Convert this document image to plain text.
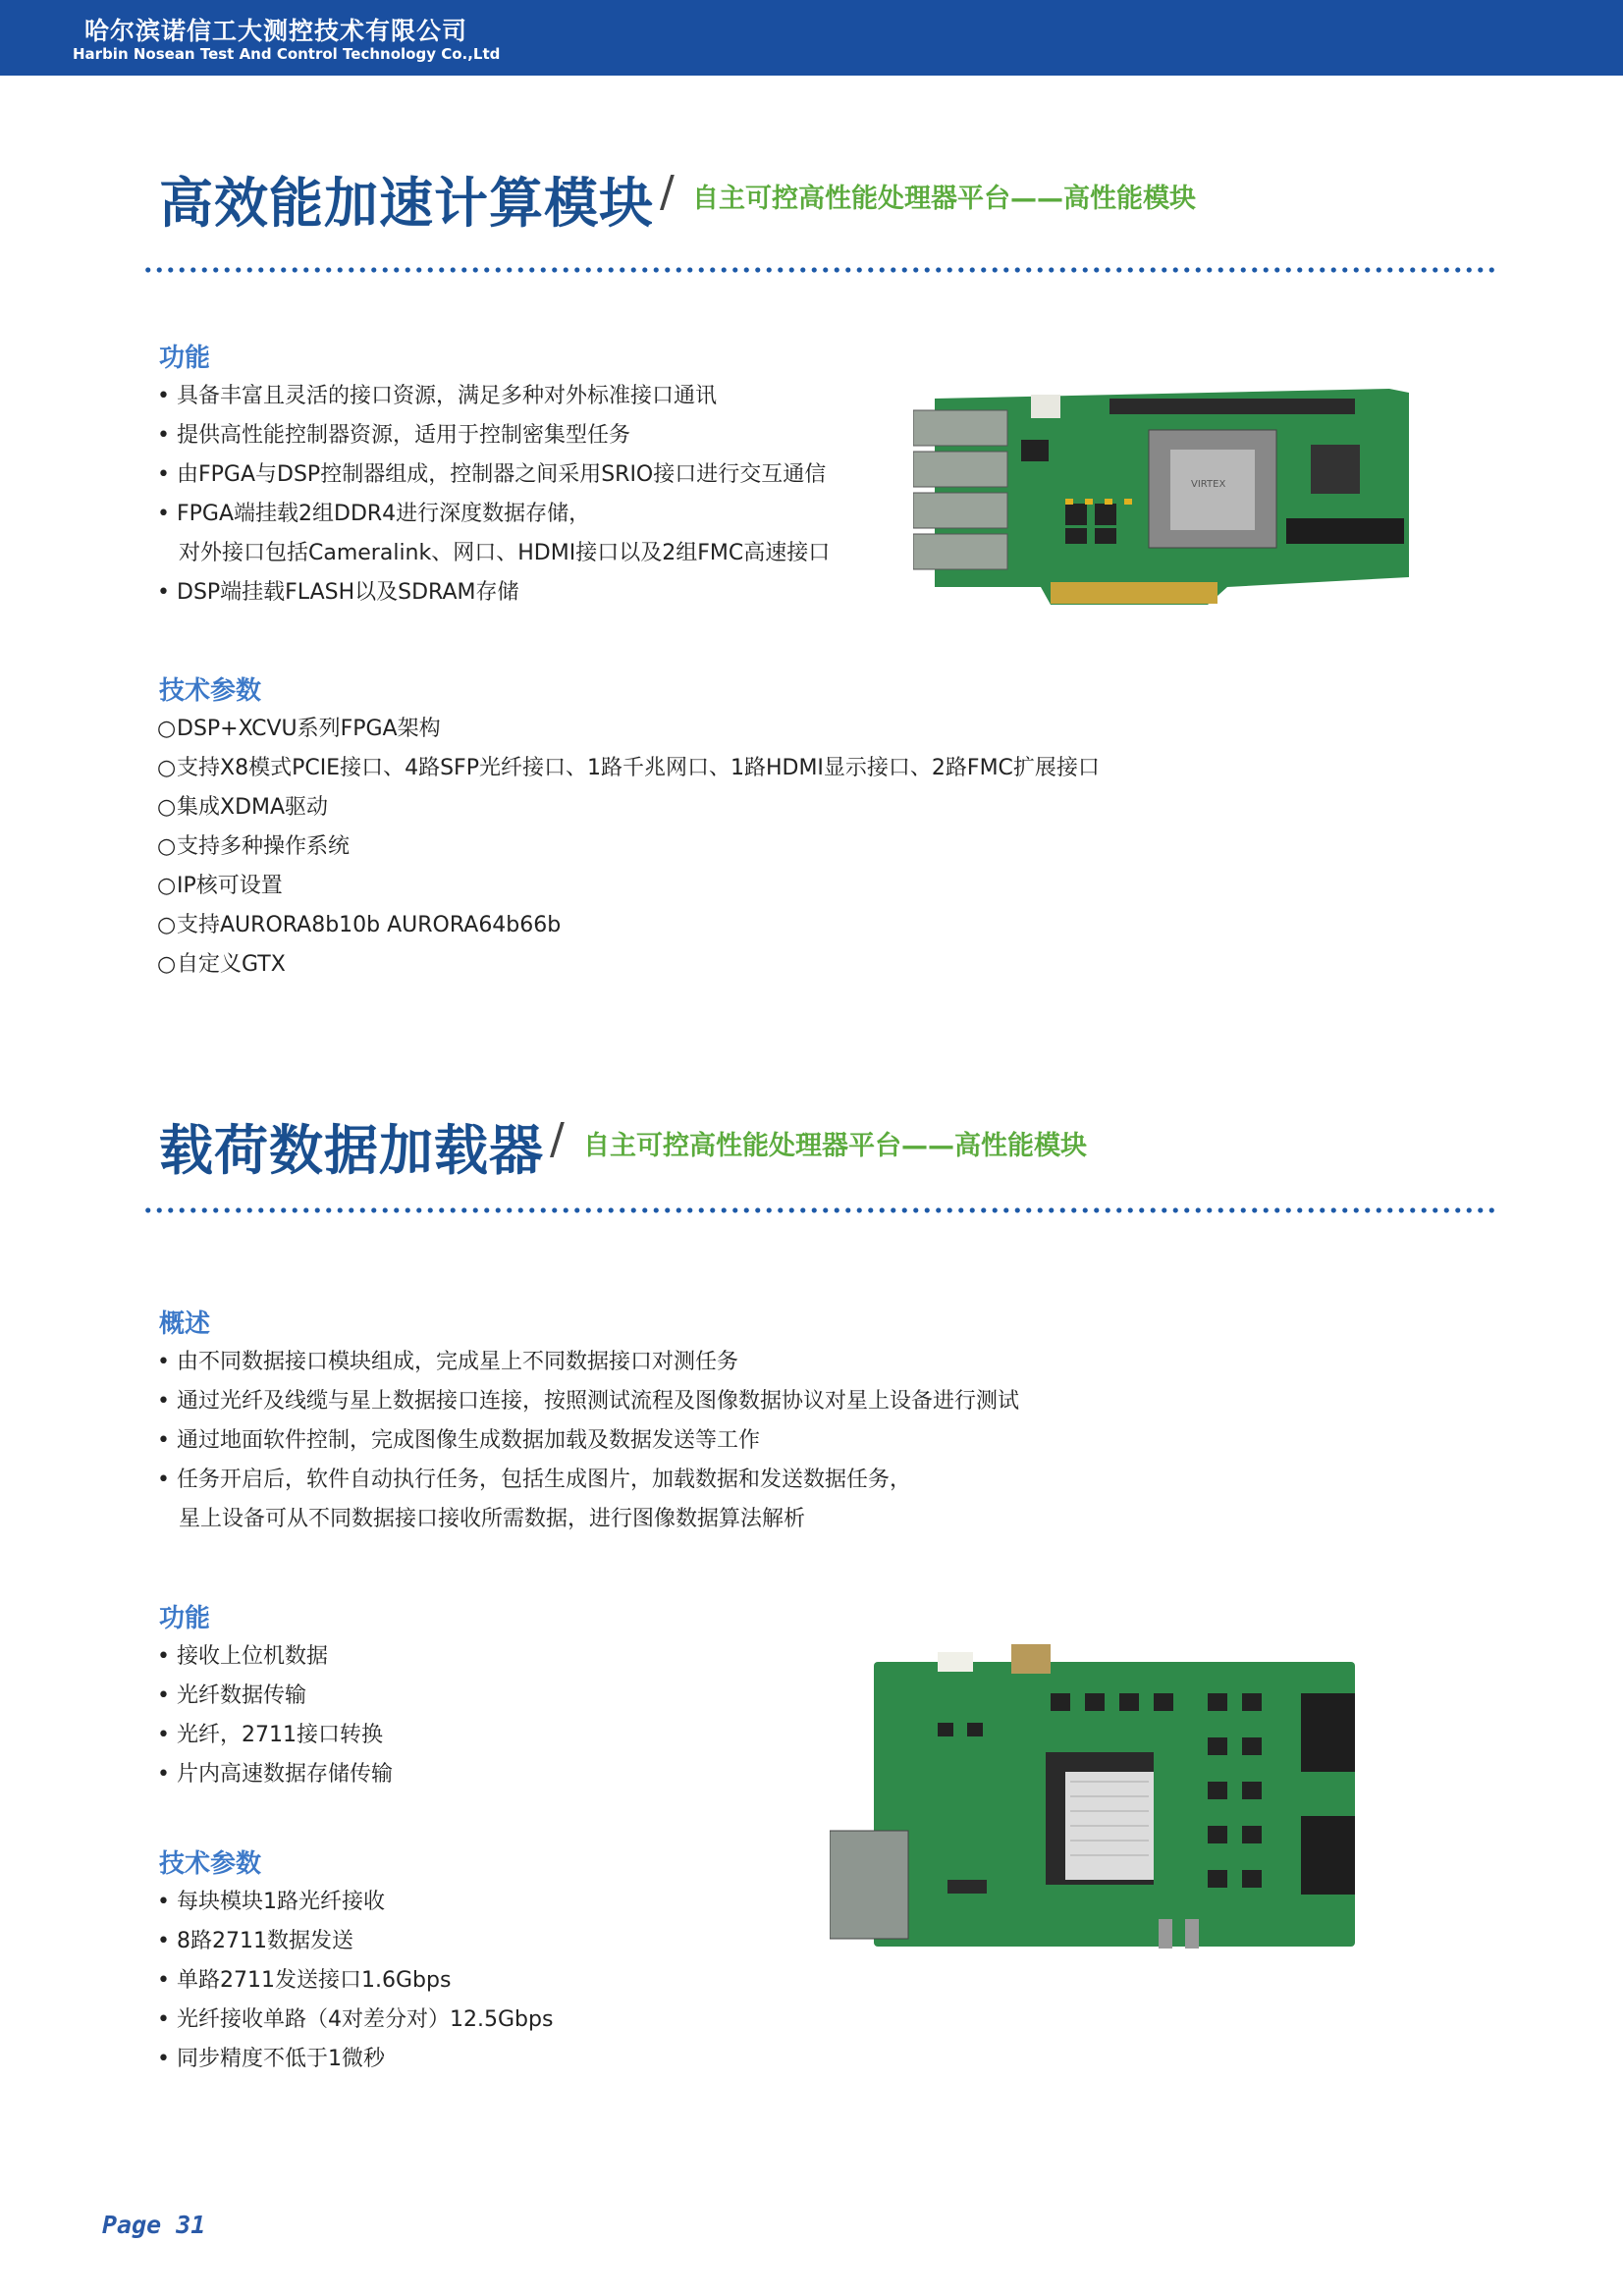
哈尔滨诺信工大测控技术有限公司
Harbin Nosean Test And Control Technology Co.,Ltd
高效能加速计算模块 / 自主可控高性能处理器平台——高性能模块
功能
• 具备丰富且灵活的接口资源，满足多种对外标准接口通讯
• 提供高性能控制器资源，适用于控制密集型任务
• 由FPGA与DSP控制器组成，控制器之间采用SRIO接口进行交互通信
• FPGA端挂载2组DDR4进行深度数据存储，
对外接口包括Cameralink、网口、HDMI接口以及2组FMC高速接口
• DSP端挂载FLASH以及SDRAM存储
VIRTEX
技术参数
○DSP+XCVU系列FPGA架构
○支持X8模式PCIE接口、4路SFP光纤接口、1路千兆网口、1路HDMI显示接口、2路FMC扩展接口
○集成XDMA驱动
○支持多种操作系统
○IP核可设置
○支持AURORA8b10b AURORA64b66b
○自定义GTX
载荷数据加载器 / 自主可控高性能处理器平台——高性能模块
概述
• 由不同数据接口模块组成，完成星上不同数据接口对测任务
• 通过光纤及线缆与星上数据接口连接，按照测试流程及图像数据协议对星上设备进行测试
• 通过地面软件控制，完成图像生成数据加载及数据发送等工作
• 任务开启后，软件自动执行任务，包括生成图片，加载数据和发送数据任务，
星上设备可从不同数据接口接收所需数据，进行图像数据算法解析
功能
• 接收上位机数据
• 光纤数据传输
• 光纤，2711接口转换
• 片内高速数据存储传输
技术参数
• 每块模块1路光纤接收
• 8路2711数据发送
• 单路2711发送接口1.6Gbps
• 光纤接收单路（4对差分对）12.5Gbps
• 同步精度不低于1微秒
Page 31
